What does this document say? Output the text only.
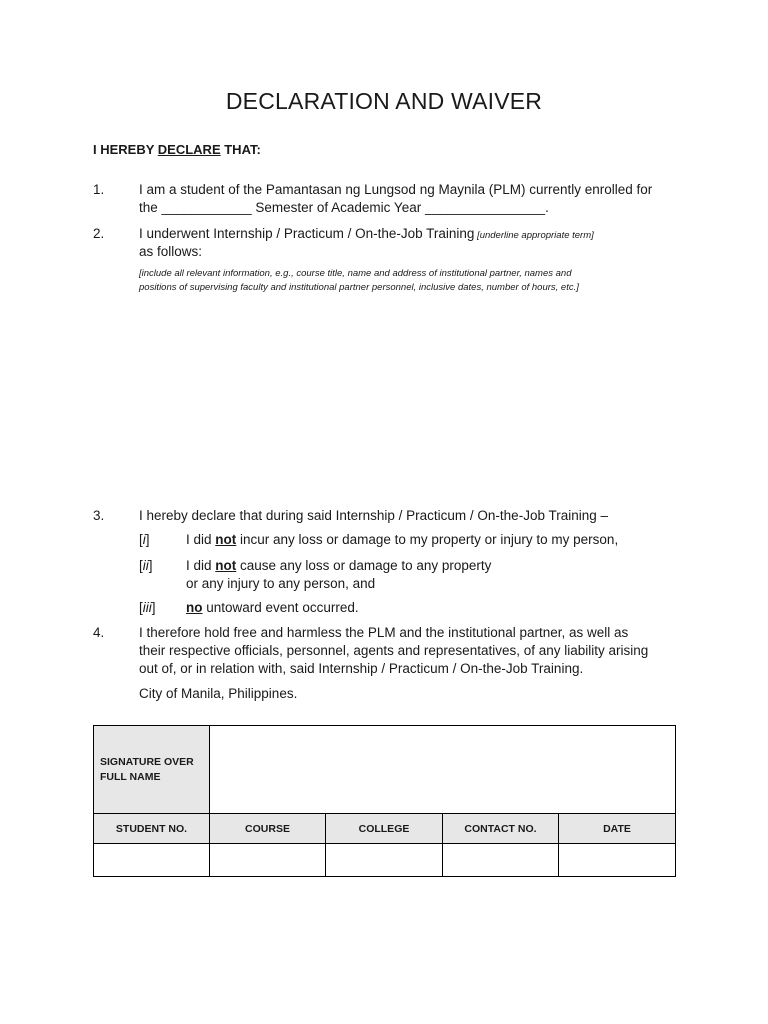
DECLARATION AND WAIVER
I HEREBY DECLARE THAT:
1.	I am a student of the Pamantasan ng Lungsod ng Maynila (PLM) currently enrolled for
the ____________ Semester of Academic Year ________________.
2.	I underwent Internship / Practicum / On-the-Job Training [underline appropriate term]
as follows:
[include all relevant information, e.g., course title, name and address of institutional partner, names and
positions of supervising faculty and institutional partner personnel, inclusive dates, number of hours, etc.]
3.	I hereby declare that during said Internship / Practicum / On-the-Job Training –
[i]	I did not incur any loss or damage to my property or injury to my person,
[ii] I did not cause any loss or damage to any property
or any injury to any person, and
[iii] no untoward event occurred.
4.	I therefore hold free and harmless the PLM and the institutional partner, as well as
their respective officials, personnel, agents and representatives, of any liability arising
out of, or in relation with, said Internship / Practicum / On-the-Job Training.
City of Manila, Philippines.
SIGNATURE OVER
FULL NAME				

STUDENT NO.	COURSE	COLLEGE	CONTACT NO.	DATE
